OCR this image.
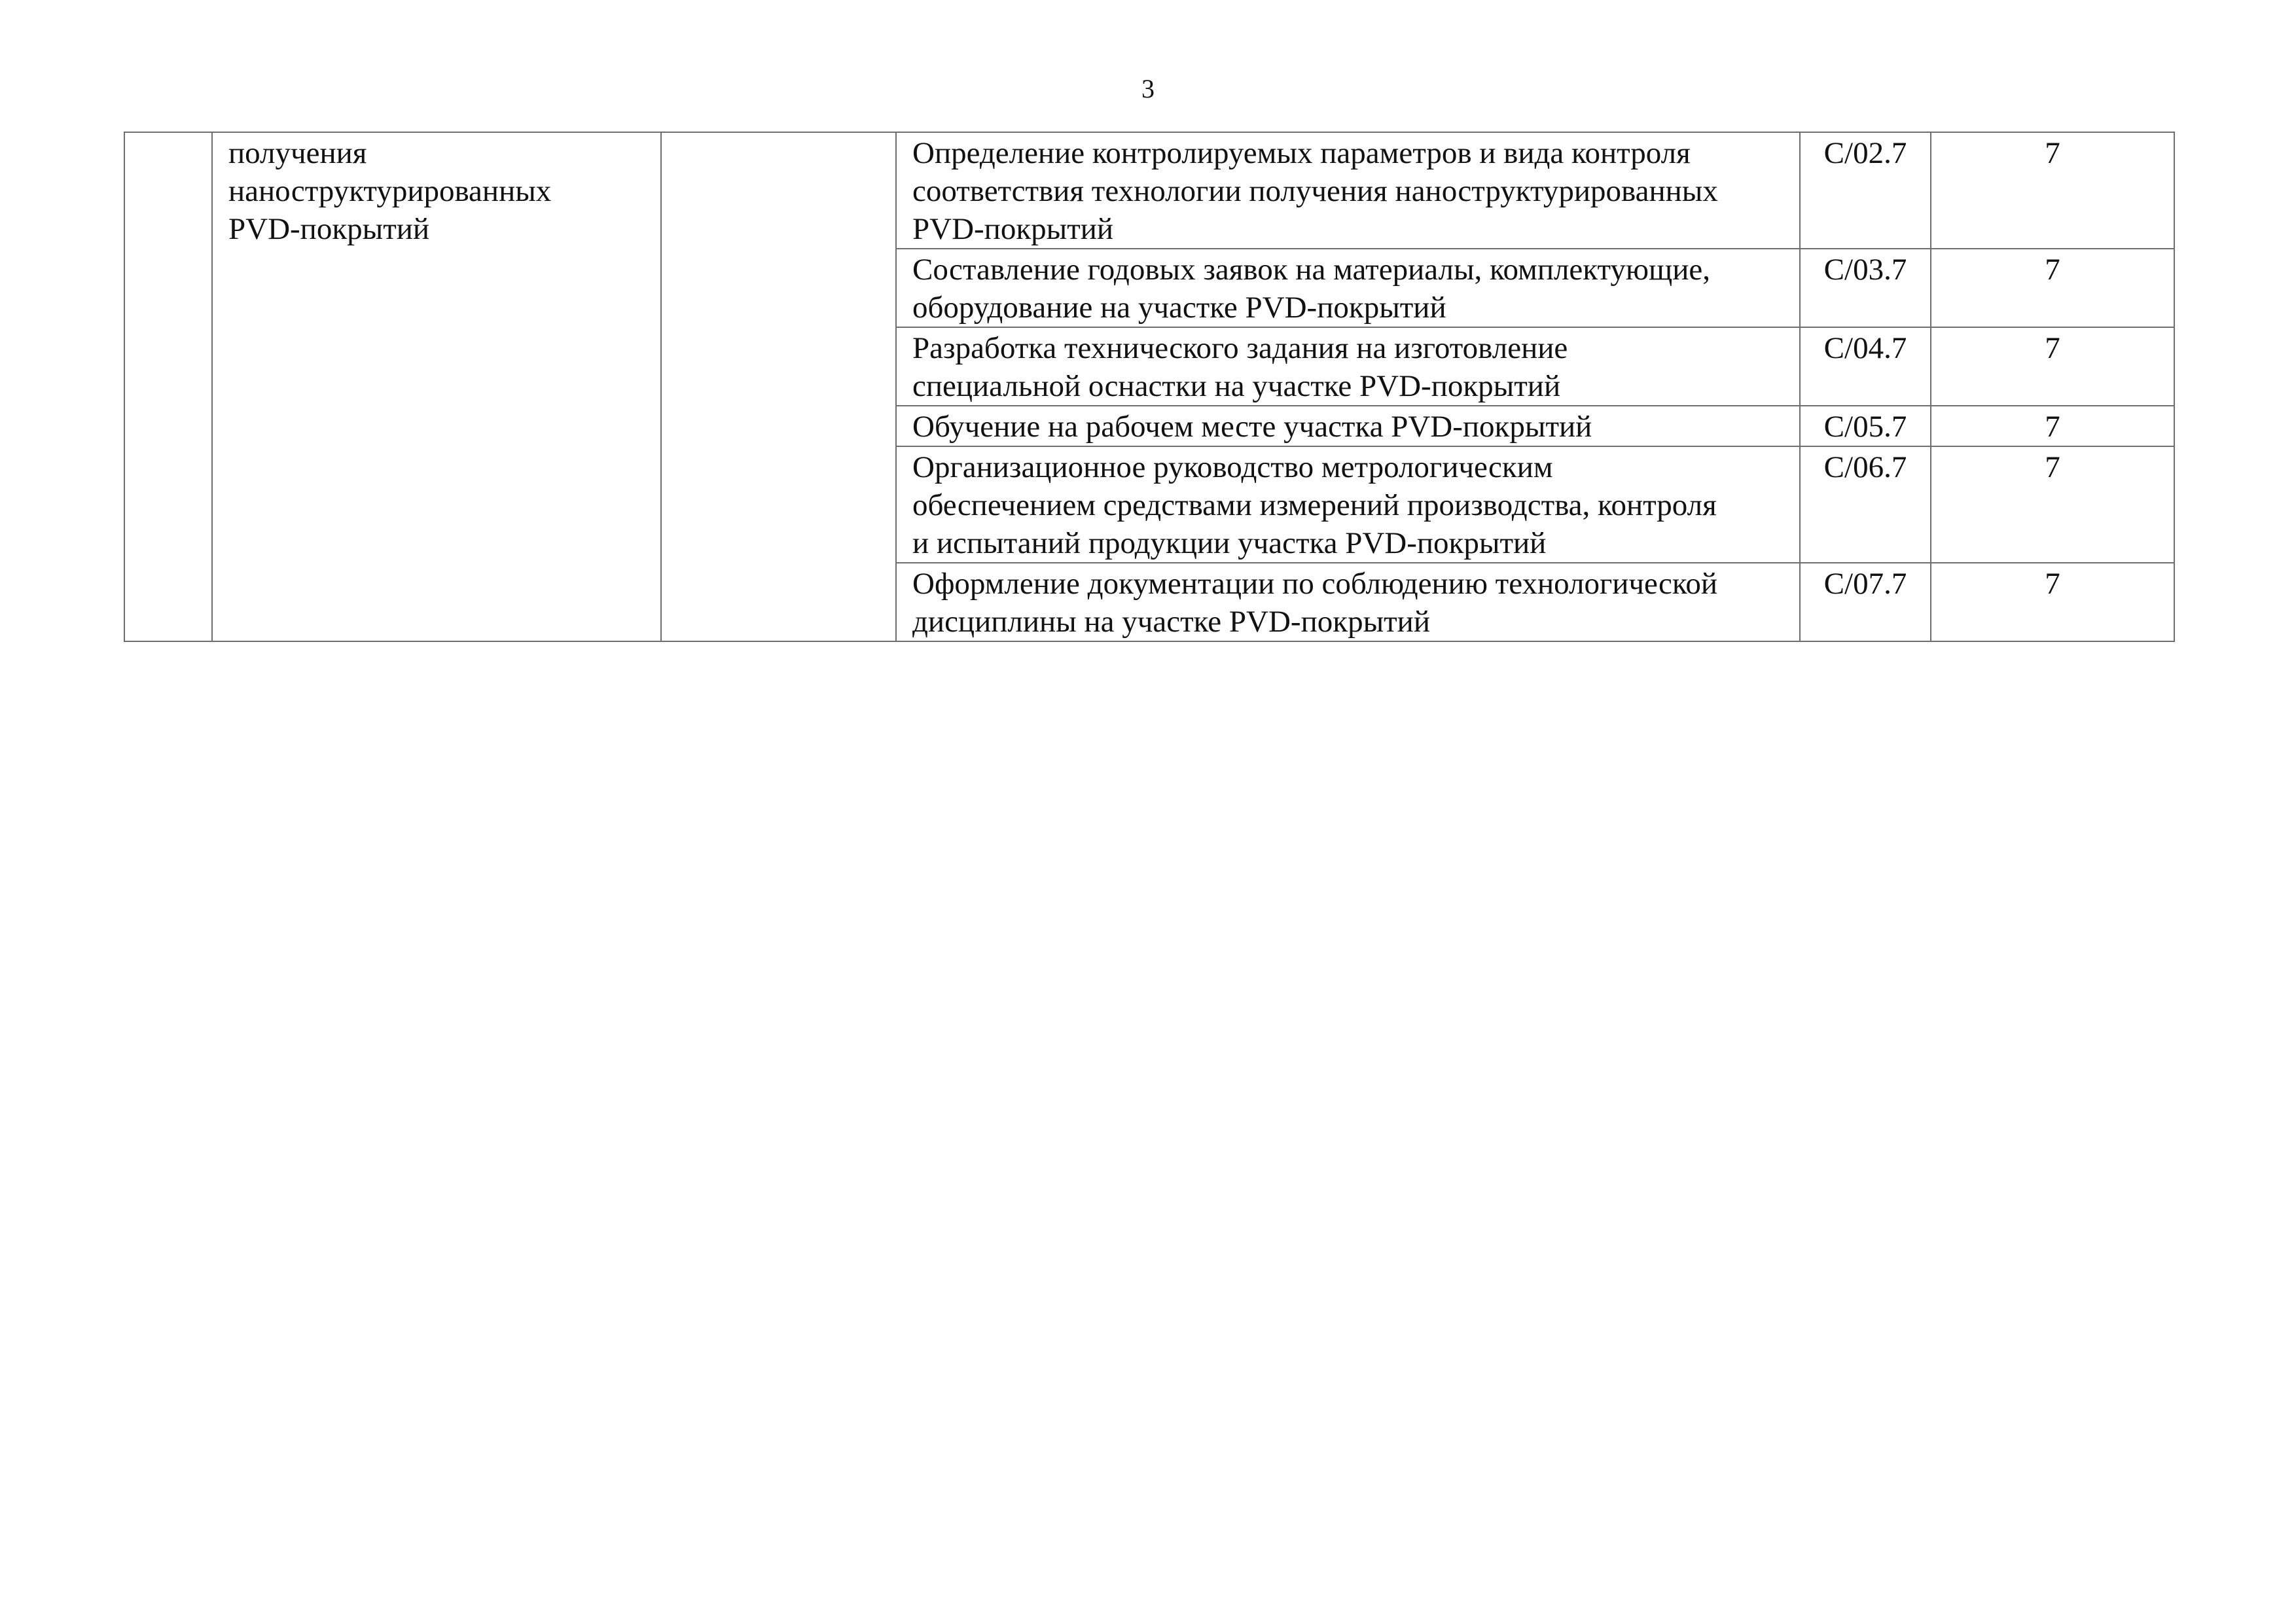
3

	получения
наноструктурированных
PVD-покрытий		Определение контролируемых параметров и вида контроля
соответствия технологии получения наноструктурированных
PVD-покрытий	C/02.7	7

			Составление годовых заявок на материалы, комплектующие,
оборудование на участке PVD-покрытий	C/03.7	7

			Разработка технического задания на изготовление
специальной оснастки на участке PVD-покрытий	C/04.7	7

			Обучение на рабочем месте участка PVD-покрытий	C/05.7	7

			Организационное руководство метрологическим
обеспечением средствами измерений производства, контроля
и испытаний продукции участка PVD-покрытий	C/06.7	7

			Оформление документации по соблюдению технологической
дисциплины на участке PVD-покрытий	C/07.7	7
